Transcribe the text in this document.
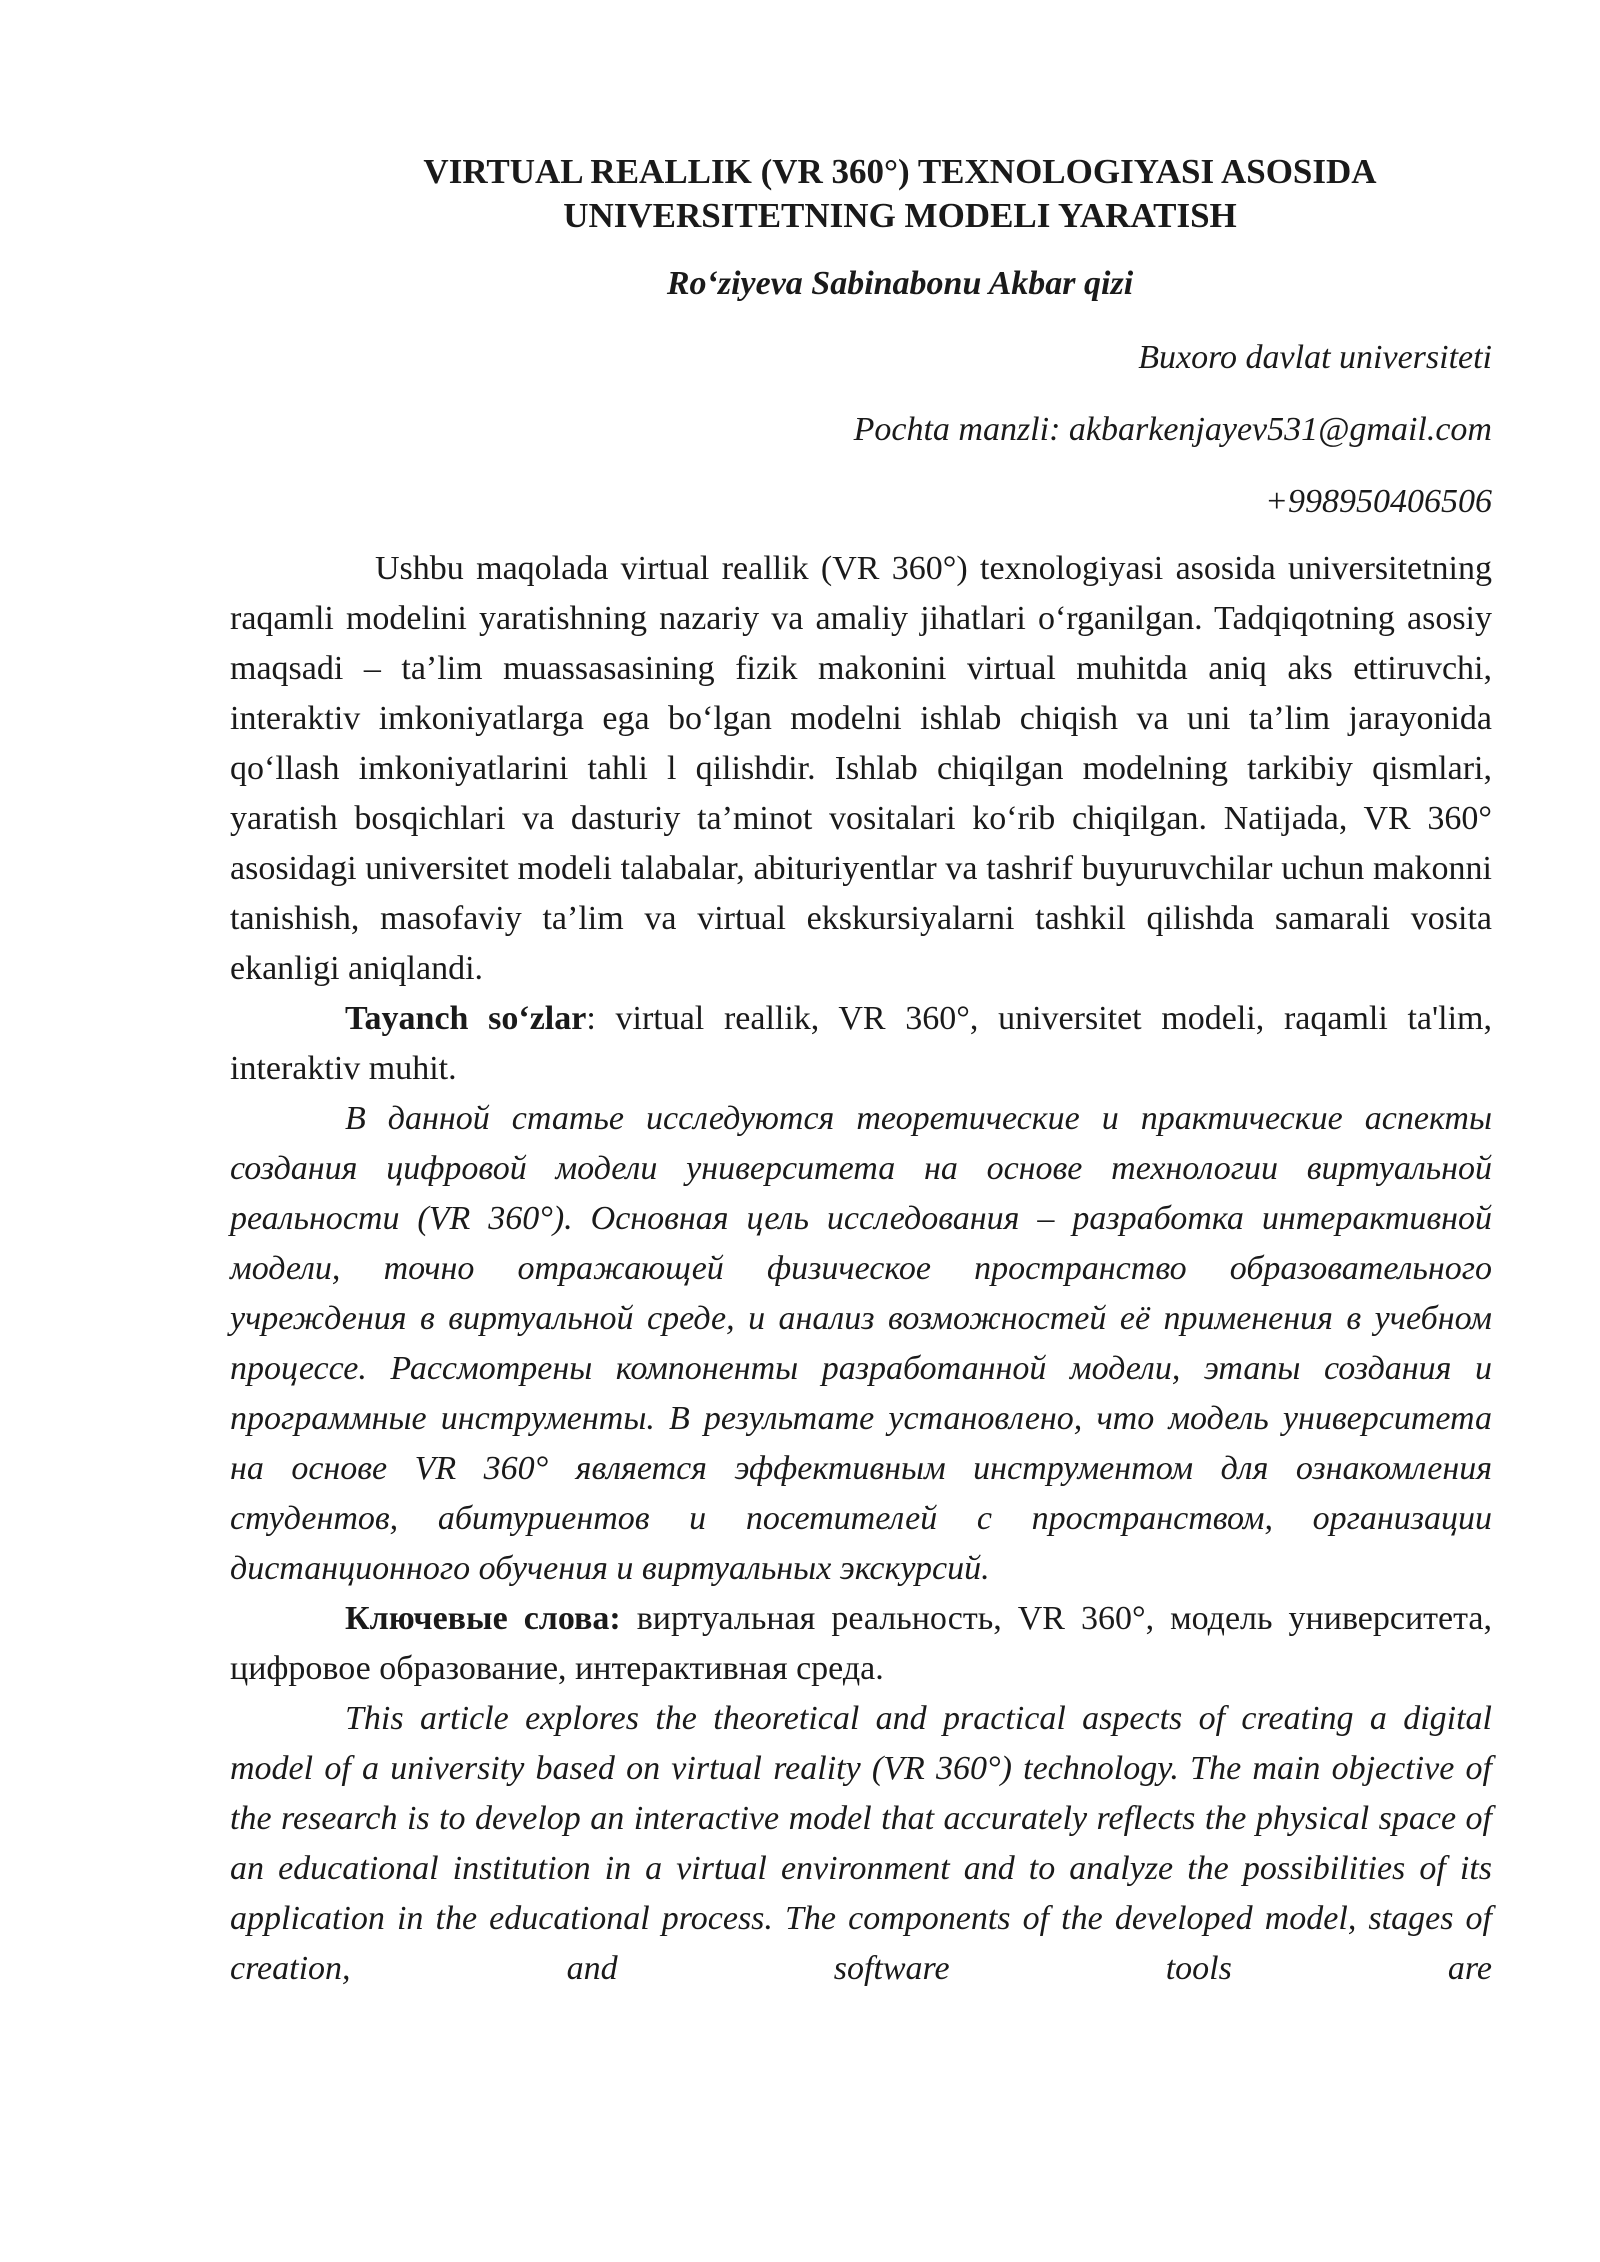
VIRTUAL REALLIK (VR 360°) TEXNOLOGIYASI ASOSIDA
UNIVERSITETNING MODELI YARATISH
Ro‘ziyeva Sabinabonu Akbar qizi
Buxoro davlat universiteti
Pochta manzli: akbarkenjayev531@gmail.com
+998950406506

Ushbu maqolada virtual reallik (VR 360°) texnologiyasi asosida universitetning raqamli modelini yaratishning nazariy va amaliy jihatlari o‘rganilgan. Tadqiqotning asosiy maqsadi – ta’lim muassasasining fizik makonini virtual muhitda aniq aks ettiruvchi, interaktiv imkoniyatlarga ega bo‘lgan modelni ishlab chiqish va uni ta’lim jarayonida qo‘llash imkoniyatlarini tahli l qilishdir. Ishlab chiqilgan modelning tarkibiy qismlari, yaratish bosqichlari va dasturiy ta’minot vositalari ko‘rib chiqilgan. Natijada, VR 360° asosidagi universitet modeli talabalar, abituriyentlar va tashrif buyuruvchilar uchun makonni tanishish, masofaviy ta’lim va virtual ekskursiyalarni tashkil qilishda samarali vosita ekanligi aniqlandi.

Tayanch so‘zlar: virtual reallik, VR 360°, universitet modeli, raqamli ta'lim, interaktiv muhit.

В данной статье исследуются теоретические и практические аспекты создания цифровой модели университета на основе технологии виртуальной реальности (VR 360°). Основная цель исследования – разработка интерактивной модели, точно отражающей физическое пространство образовательного учреждения в виртуальной среде, и анализ возможностей её применения в учебном процессе. Рассмотрены компоненты разработанной модели, этапы создания и программные инструменты. В результате установлено, что модель университета на основе VR 360° является эффективным инструментом для ознакомления студентов, абитуриентов и посетителей с пространством, организации дистанционного обучения и виртуальных экскурсий.

Ключевые слова: виртуальная реальность, VR 360°, модель университета, цифровое образование, интерактивная среда.

This article explores the theoretical and practical aspects of creating a digital model of a university based on virtual reality (VR 360°) technology. The main objective of the research is to develop an interactive model that accurately reflects the physical space of an educational institution in a virtual environment and to analyze the possibilities of its application in the educational process. The components of the developed model, stages of creation, and software tools are
